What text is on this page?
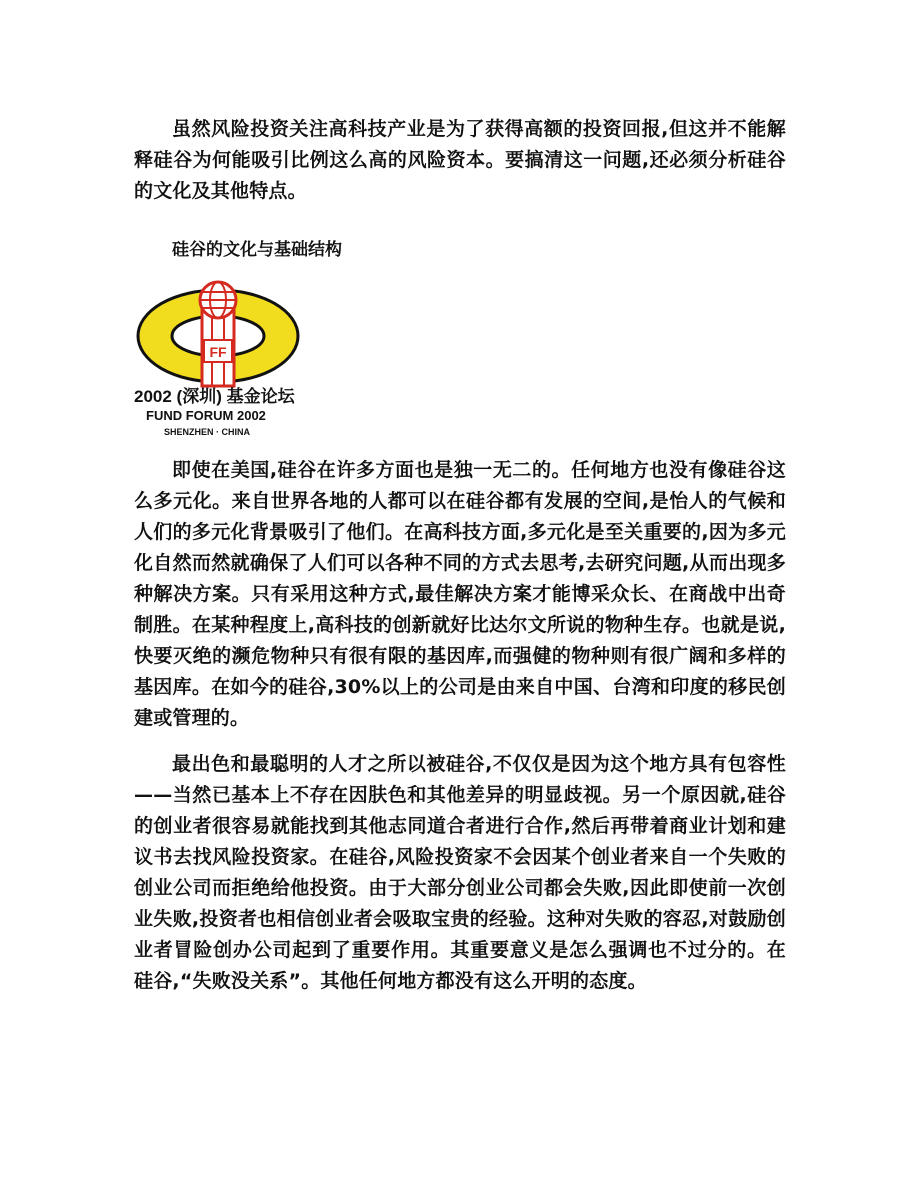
虽然风险投资关注高科技产业是为了获得高额的投资回报,但这并不能解释硅谷为何能吸引比例这么高的风险资本。要搞清这一问题,还必须分析硅谷的文化及其他特点。

硅谷的文化与基础结构
FF
2002 (深圳) 基金论坛
FUND FORUM 2002
SHENZHEN · CHINA

即使在美国,硅谷在许多方面也是独一无二的。任何地方也没有像硅谷这么多元化。来自世界各地的人都可以在硅谷都有发展的空间,是怡人的气候和人们的多元化背景吸引了他们。在高科技方面,多元化是至关重要的,因为多元化自然而然就确保了人们可以各种不同的方式去思考,去研究问题,从而出现多种解决方案。只有采用这种方式,最佳解决方案才能博采众长、在商战中出奇制胜。在某种程度上,高科技的创新就好比达尔文所说的物种生存。也就是说,快要灭绝的濒危物种只有很有限的基因库,而强健的物种则有很广阔和多样的基因库。在如今的硅谷,30%以上的公司是由来自中国、台湾和印度的移民创建或管理的。

最出色和最聪明的人才之所以被硅谷,不仅仅是因为这个地方具有包容性——当然已基本上不存在因肤色和其他差异的明显歧视。另一个原因就,硅谷的创业者很容易就能找到其他志同道合者进行合作,然后再带着商业计划和建议书去找风险投资家。在硅谷,风险投资家不会因某个创业者来自一个失败的创业公司而拒绝给他投资。由于大部分创业公司都会失败,因此即使前一次创业失败,投资者也相信创业者会吸取宝贵的经验。这种对失败的容忍,对鼓励创业者冒险创办公司起到了重要作用。其重要意义是怎么强调也不过分的。在硅谷,“失败没关系”。其他任何地方都没有这么开明的态度。
